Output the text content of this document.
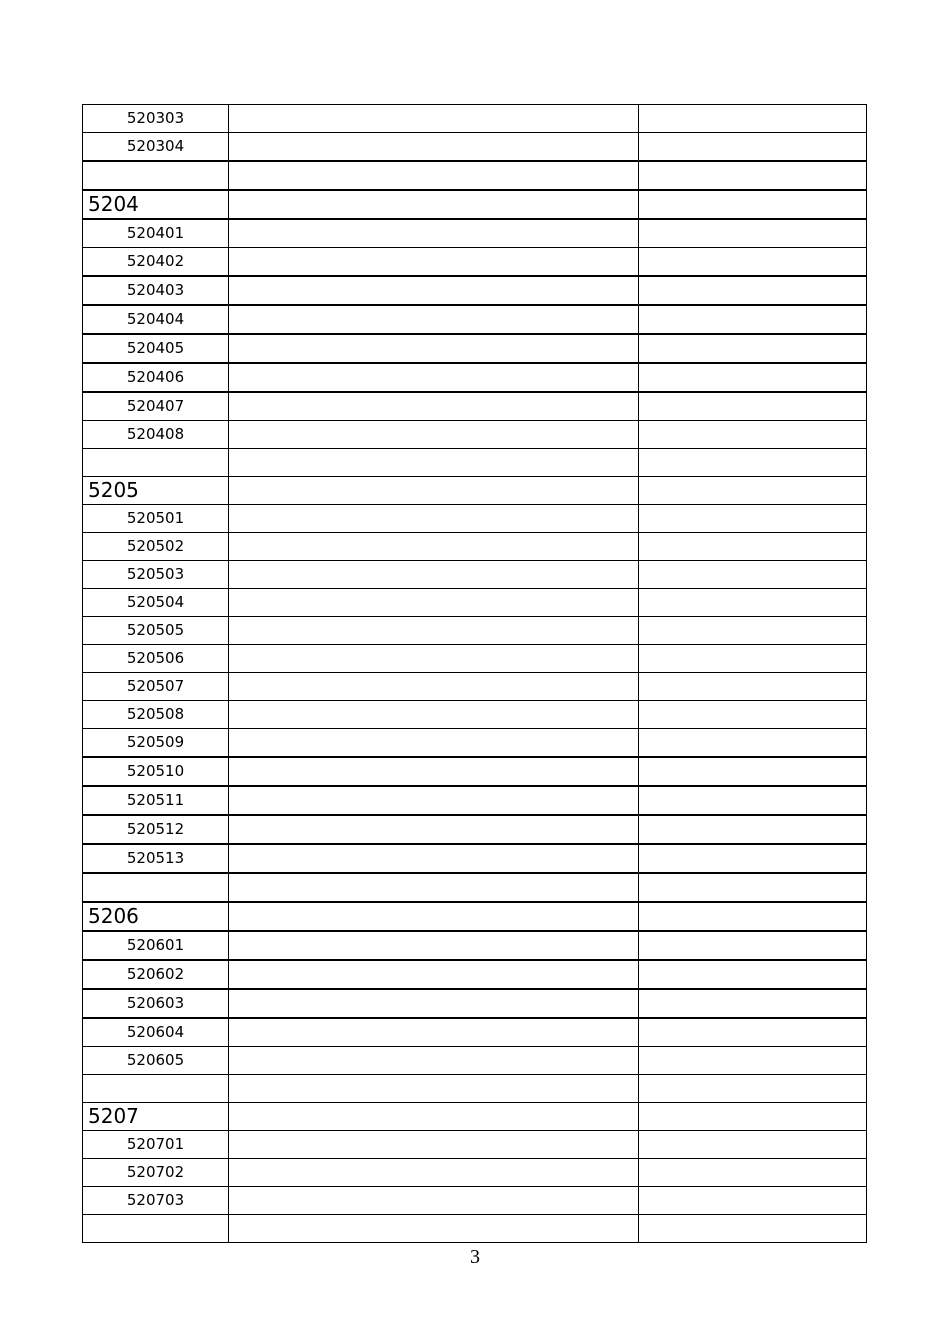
520303		
520304		

5204		
520401		
520402		
520403		
520404		
520405		
520406		
520407		
520408		

5205		
520501		
520502		
520503		
520504		
520505		
520506		
520507		
520508		
520509		
520510		
520511		
520512		
520513		

5206		
520601		
520602		
520603		
520604		
520605		

5207		
520701		
520702		
520703		

3
